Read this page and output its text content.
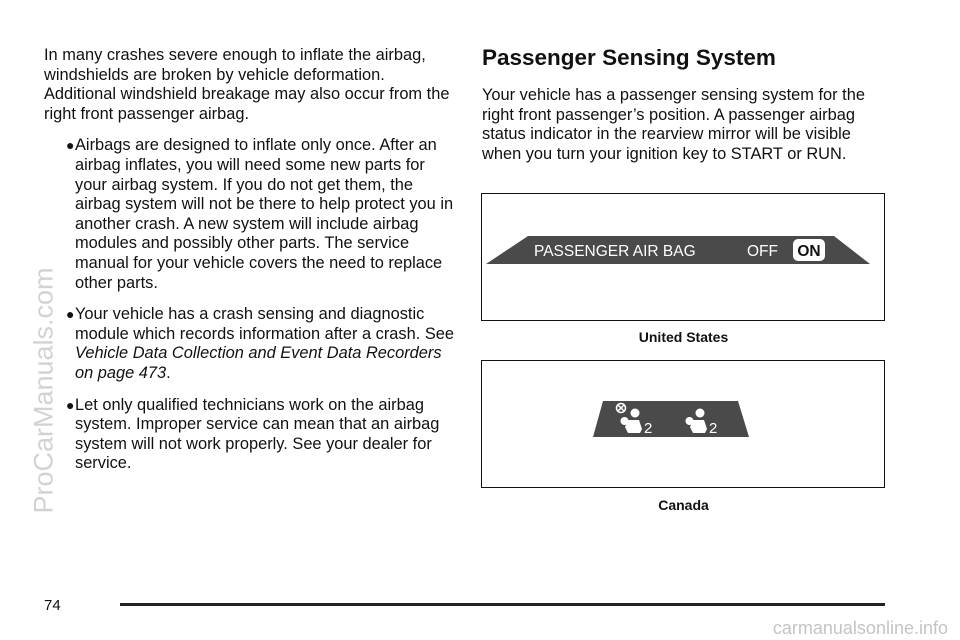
ProCarManuals.com

In many crashes severe enough to inflate the airbag, windshields are broken by vehicle deformation. Additional windshield breakage may also occur from the right front passenger airbag.

● Airbags are designed to inflate only once. After an airbag inflates, you will need some new parts for your airbag system. If you do not get them, the airbag system will not be there to help protect you in another crash. A new system will include airbag modules and possibly other parts. The service manual for your vehicle covers the need to replace other parts.
● Your vehicle has a crash sensing and diagnostic module which records information after a crash. See Vehicle Data Collection and Event Data Recorders on page 473.
● Let only qualified technicians work on the airbag system. Improper service can mean that an airbag system will not work properly. See your dealer for service.
Passenger Sensing System

Your vehicle has a passenger sensing system for the right front passenger’s position. A passenger airbag status indicator in the rearview mirror will be visible when you turn your ignition key to START or RUN.

PASSENGER AIR BAG	OFF ON
United States
2	2
Canada
74
carmanualsonline.info
